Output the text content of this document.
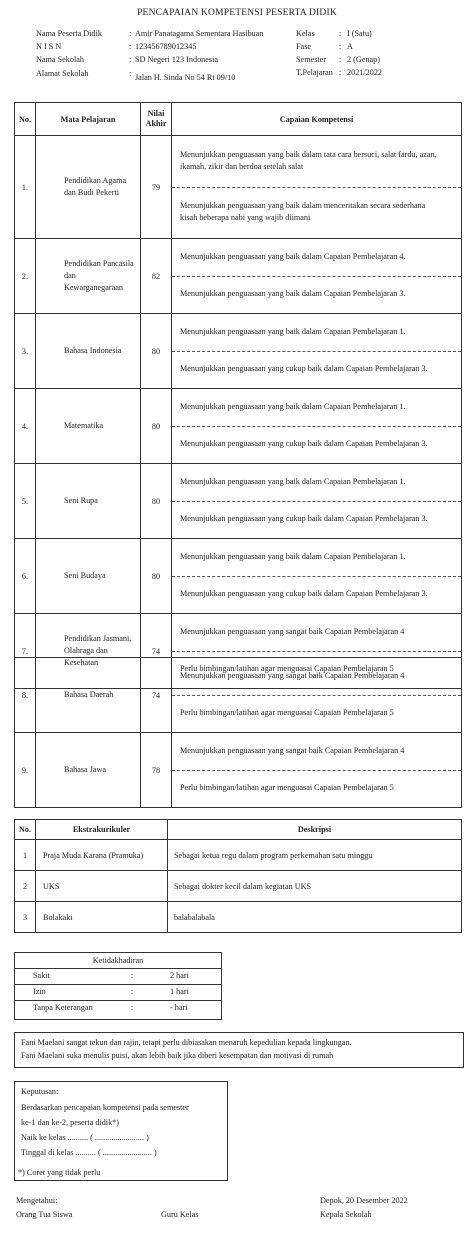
PENCAPAIAN KOMPETENSI PESERTA DIDIK
Nama Peserta Didik	: Amir Panatagama Sementara Hasibuan
N I S N	: 123456789012345
Nama Sekolah	: SD Negeri 123 Indonesia
Alamat Sekolah	: Jalan H. Sinda No 54 Rt 09/10
Kelas	: I (Satu)
Fase	: A
Semester : 2 (Genap)
T.Pelajaran : 2021/2022
No.	Mata Pelajaran	Nilai Akhir	Capaian Kompetensi
1.	Pendidikan Agama dan Budi Pekerti	79	Menunjukkan penguasaan yang baik dalam tata cara bersuci, salat fardu, azan,
ikamah, zikir dan berdoa setelah salat
Menunjukkan penguasaan yang baik dalam menceritakan secara sederhana
kisah beberapa nabi yang wajib diimani

2.	Pendidikan Pancasila dan Kewarganegaraan	82	Menunjukkan penguasaan yang baik dalam Capaian Pembelajaran 4.
Menunjukkan penguasaan yang baik dalam Capaian Pembelajaran 3.

3.	Bahasa Indonesia	80	Menunjukkan penguasaan yang baik dalam Capaian Pembelajaran 1.
Menunjukkan penguasaan yang cukup baik dalam Capaian Pembelajaran 3.

4.	Matematika	80	Menunjukkan penguasaan yang baik dalam Capaian Pembelajaran 1.
Menunjukkan penguasaan yang cukup baik dalam Capaian Pembelajaran 3.

5.	Seni Rupa	80	Menunjukkan penguasaan yang baik dalam Capaian Pembelajaran 1.
Menunjukkan penguasaan yang cukup baik dalam Capaian Pembelajaran 3.

6.	Seni Budaya	80	Menunjukkan penguasaan yang baik dalam Capaian Pembelajaran 1.
Menunjukkan penguasaan yang cukup baik dalam Capaian Pembelajaran 3.

7.	Pendidikan Jasmani, Olahraga dan Kesehatan	74	Menunjukkan penguasaan yang sangat baik Capaian Pembelajaran 4
Perlu bimbingan/latihan agar menguasai Capaian Pembelajaran 5
8.	Bahasa Daerah	74	Menunjukkan penguasaan yang sangat baik Capaian Pembelajaran 4
Perlu bimbingan/latihan agar menguasai Capaian Pembelajaran 5

9.	Bahasa Jawa	78	Menunjukkan penguasaan yang sangat baik Capaian Pembelajaran 4
Perlu bimbingan/latihan agar menguasai Capaian Pembelajaran 5
No.	Ekstrakurikuler	Deskripsi
1	Praja Muda Karana (Pramuka)	Sebagai ketua regu dalam program perkemahan satu minggu
2	UKS	Sebagai dokter kecil dalam kegiatan UKS
3	Bolakaki	balabalabala
Ketidakhadiran
Sakit	:	2 hari
Izin	:	1 hari
Tanpa Keterangan	:	- hari
Fani Maelani sangat tekun dan rajin, tetapi perlu dibiasakan menaruh kepedulian kepada lingkungan.
Fani Maelani suka menulis puisi, akan lebih baik jika diberi kesempatan dan motivasi di rumah
Keputusan:
Berdasarkan pencapaian kompetensi pada semester
ke-1 dan ke-2, peserta didik*)
Naik ke kelas .......... ( ........................ )
Tinggal di kelas .......... ( ........................ )
*) Coret yang tidak perlu
Mengetahui:
Orang Tua Siswa	Guru Kelas
Depok, 20 Desember 2022
Kepala Sekolah
